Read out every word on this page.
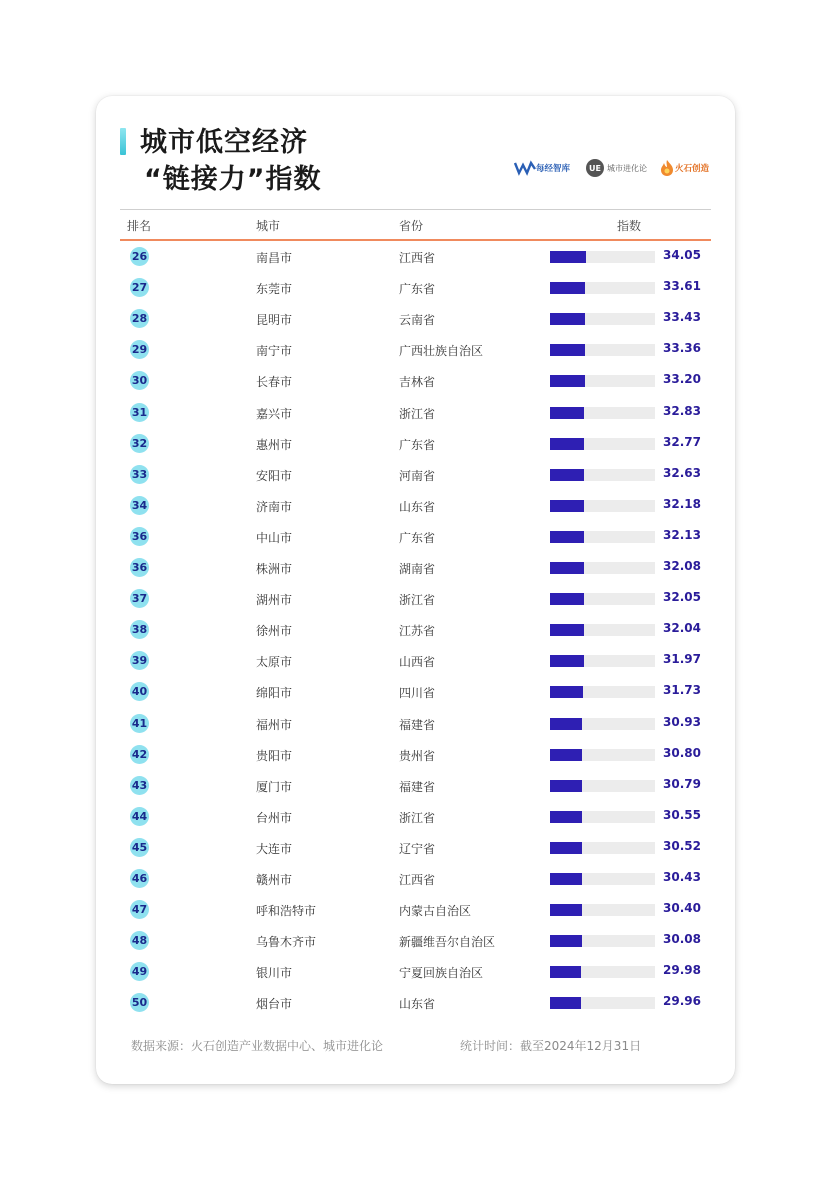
城市低空经济
“链接力”指数	每经智库	UE 城市进化论	火石创造
排名	城市	省份	指数
26	南昌市	江西省	34.05
27	东莞市	广东省	33.61
28	昆明市	云南省	33.43
29	南宁市	广西壮族自治区	33.36
30	长春市	吉林省	33.20
31	嘉兴市	浙江省	32.83
32	惠州市	广东省	32.77
33	安阳市	河南省	32.63
34	济南市	山东省	32.18
36	中山市	广东省	32.13
36	株洲市	湖南省	32.08
37	湖州市	浙江省	32.05
38	徐州市	江苏省	32.04
39	太原市	山西省	31.97
40	绵阳市	四川省	31.73
41	福州市	福建省	30.93
42	贵阳市	贵州省	30.80
43	厦门市	福建省	30.79
44	台州市	浙江省	30.55
45	大连市	辽宁省	30.52
46	赣州市	江西省	30.43
47	呼和浩特市	内蒙古自治区	30.40
48	乌鲁木齐市	新疆维吾尔自治区	30.08
49	银川市	宁夏回族自治区	29.98
50	烟台市	山东省	29.96
数据来源：火石创造产业数据中心、城市进化论	统计时间：截至2024年12月31日
